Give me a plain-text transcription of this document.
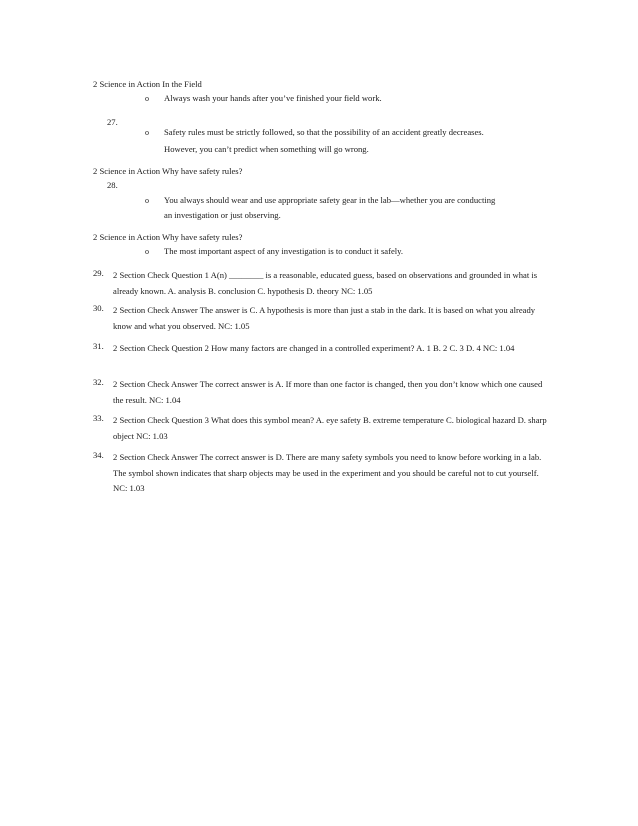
2 Science in Action In the Field
o Always wash your hands after you’ve finished your field work.
27.
o Safety rules must be strictly followed, so that the possibility of an accident greatly decreases.
However, you can’t predict when something will go wrong.
2 Science in Action Why have safety rules?
28.
o You always should wear and use appropriate safety gear in the lab—whether you are conducting
an investigation or just observing.
2 Science in Action Why have safety rules?
o The most important aspect of any investigation is to conduct it safely.
29. 2 Section Check Question 1 A(n) ________ is a reasonable, educated guess, based on observations and grounded in what is already known. A. analysis B. conclusion C. hypothesis D. theory NC: 1.05
30. 2 Section Check Answer The answer is C. A hypothesis is more than just a stab in the dark. It is based on what you already know and what you observed. NC: 1.05
31. 2 Section Check Question 2 How many factors are changed in a controlled experiment? A. 1 B. 2 C. 3 D. 4 NC: 1.04
32. 2 Section Check Answer The correct answer is A. If more than one factor is changed, then you don’t know which one caused the result. NC: 1.04
33. 2 Section Check Question 3 What does this symbol mean? A. eye safety B. extreme temperature C. biological hazard D. sharp object NC: 1.03
34. 2 Section Check Answer The correct answer is D. There are many safety symbols you need to know before working in a lab. The symbol shown indicates that sharp objects may be used in the experiment and you should be careful not to cut yourself. NC: 1.03
